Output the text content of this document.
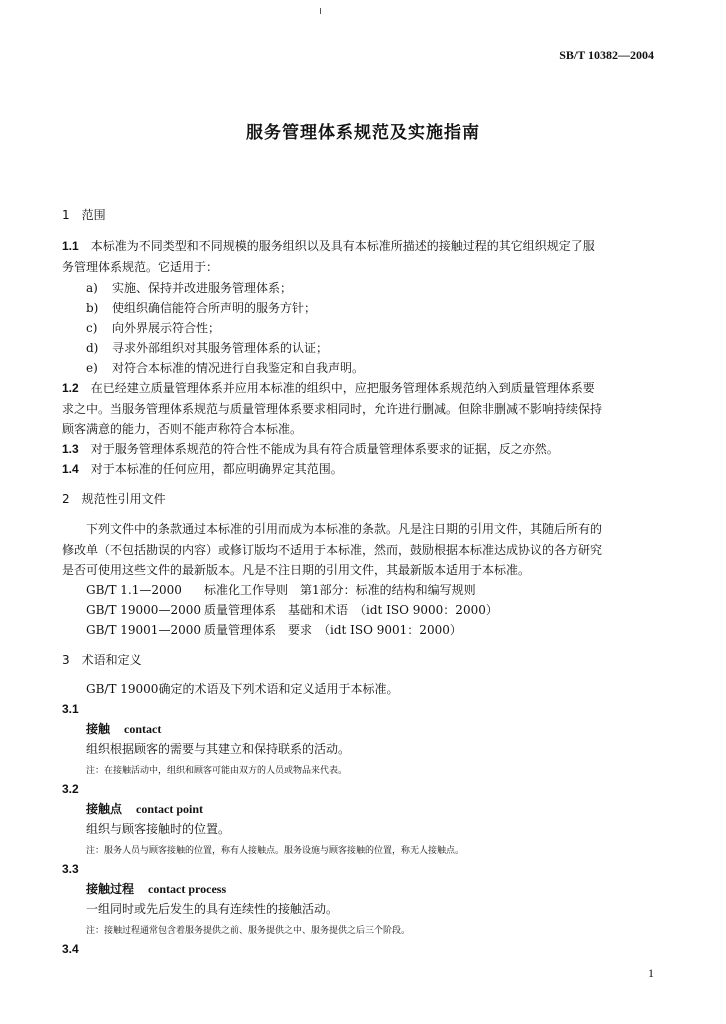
SB/T 10382—2004
服务管理体系规范及实施指南
1　 范围
1.1　 本标准为不同类型和不同规模的服务组织以及具有本标准所描述的接触过程的其它组织规定了服
务管理体系规范。它适用于：
a) 实施、保持并改进服务管理体系；
b) 使组织确信能符合所声明的服务方针；
c) 向外界展示符合性；
d) 寻求外部组织对其服务管理体系的认证；
e) 对符合本标准的情况进行自我鉴定和自我声明。
1.2　 在已经建立质量管理体系并应用本标准的组织中，应把服务管理体系规范纳入到质量管理体系要
求之中。当服务管理体系规范与质量管理体系要求相同时，允许进行删减。但除非删减不影响持续保持
顾客满意的能力，否则不能声称符合本标准。
1.3　 对于服务管理体系规范的符合性不能成为具有符合质量管理体系要求的证据，反之亦然。
1.4　 对于本标准的任何应用，都应明确界定其范围。
2　 规范性引用文件
下列文件中的条款通过本标准的引用而成为本标准的条款。凡是注日期的引用文件，其随后所有的
修改单（不包括勘误的内容）或修订版均不适用于本标准，然而，鼓励根据本标准达成协议的各方研究
是否可使用这些文件的最新版本。凡是不注日期的引用文件，其最新版本适用于本标准。
GB/T 1.1—2000 标准化工作导则　第1部分：标准的结构和编写规则
GB/T 19000—2000 质量管理体系　基础和术语　（idt ISO 9000：2000）
GB/T 19001—2000 质量管理体系　要求　（idt ISO 9001：2000）
3　 术语和定义
GB/T 19000确定的术语及下列术语和定义适用于本标准。
3.1
接触 contact
组织根据顾客的需要与其建立和保持联系的活动。
注：在接触活动中，组织和顾客可能由双方的人员或物品来代表。
3.2
接触点 contact point
组织与顾客接触时的位置。
注：服务人员与顾客接触的位置，称有人接触点。服务设施与顾客接触的位置，称无人接触点。
3.3
接触过程 contact process
一组同时或先后发生的具有连续性的接触活动。
注：接触过程通常包含着服务提供之前、服务提供之中、服务提供之后三个阶段。
3.4
1
